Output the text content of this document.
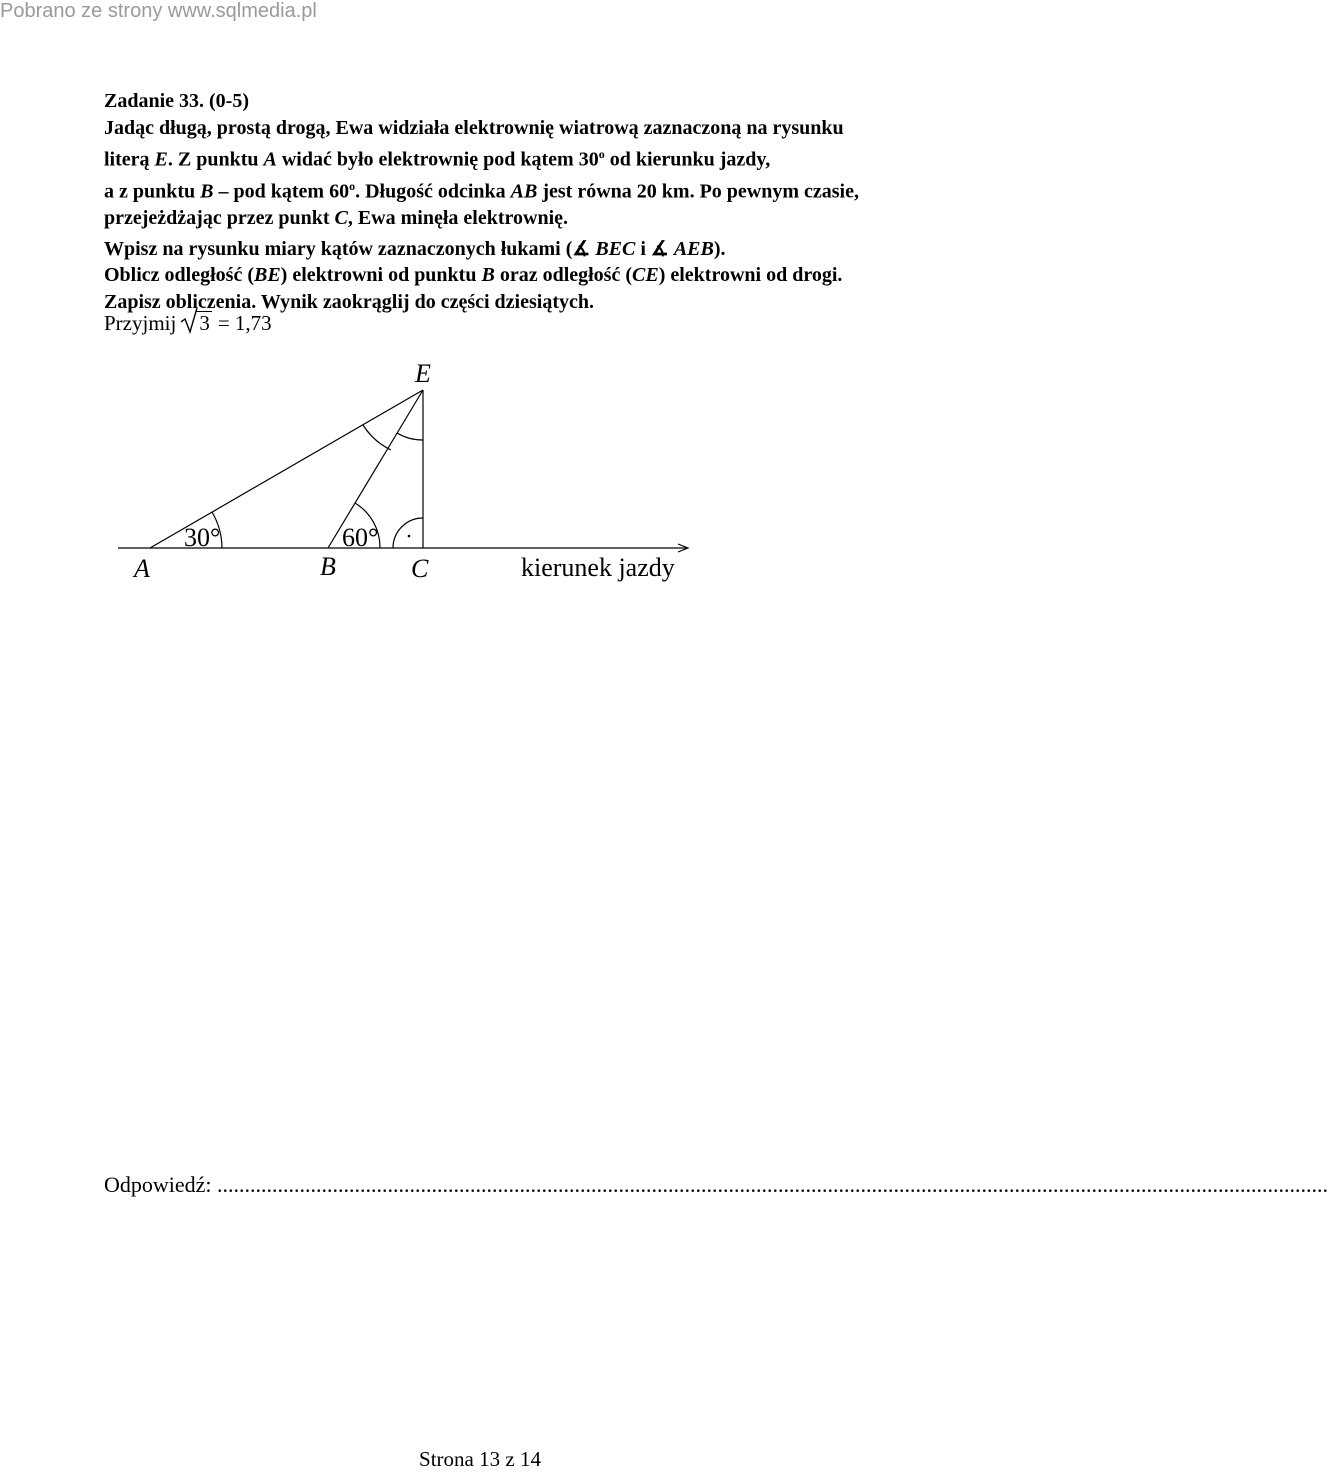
Pobrano ze strony www.sqlmedia.pl

Zadanie 33. (0-5)

Jadąc długą, prostą drogą, Ewa widziała elektrownię wiatrową zaznaczoną na rysunku

literą E. Z punktu A widać było elektrownię pod kątem 30$^o$ od kierunku jazdy,

a z punktu B – pod kątem 60$^o$. Długość odcinka AB jest równa 20 km. Po pewnym czasie,

przejeżdżając przez punkt C, Ewa minęła elektrownię.

Wpisz na rysunku miary kątów zaznaczonych łukami (∡ BEC i ∡ AEB).

Oblicz odległość (BE) elektrowni od punktu B oraz odległość (CE) elektrowni od drogi.

Zapisz obliczenia. Wynik zaokrąglij do części dziesiątych.

Przyjmij 3 = 1,73
E
30°	60°
A	B	C	kierunek jazdy
Odpowiedź: ..........................................................................................................................................................................................................
Strona 13 z 14
